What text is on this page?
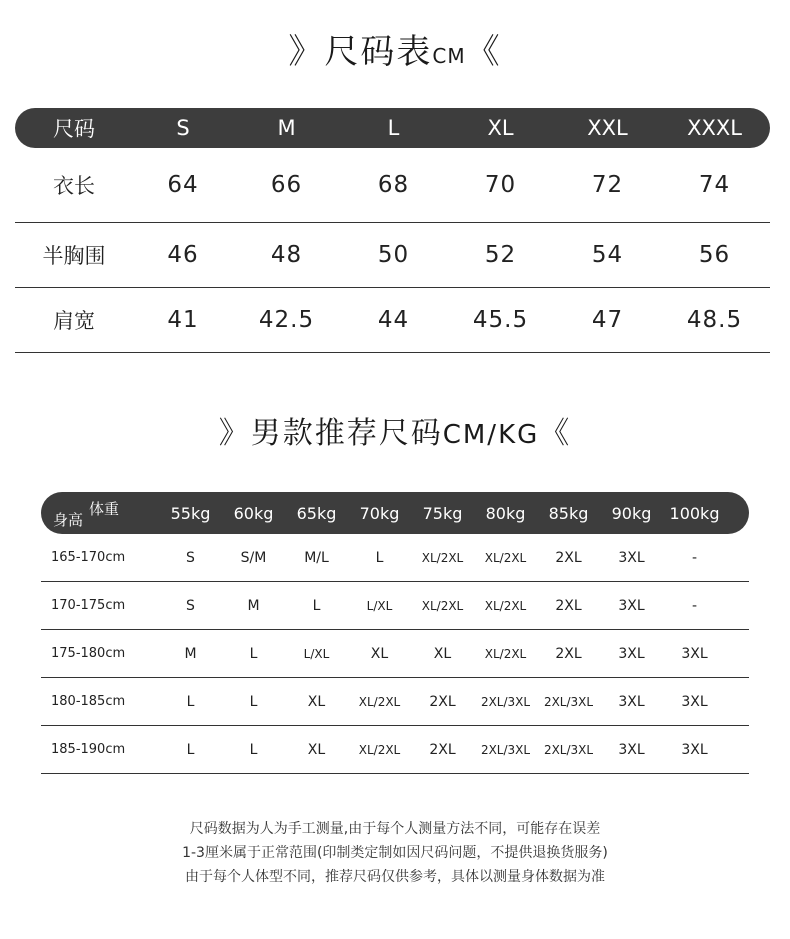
》尺码表CM《
尺码	S	M	L	XL	XXL	XXXL
衣长	64	66	68	70	72	74
半胸围	46	48	50	52	54	56
肩宽	41	42.5	44	45.5	47	48.5
》男款推荐尺码CM/KG《
身高
体重	55kg	60kg	65kg	70kg	75kg	80kg	85kg	90kg	100kg
165-170cm	S	S/M	M/L	L	XL/2XL	XL/2XL	2XL	3XL	-
170-175cm	S	M	L	L/XL	XL/2XL	XL/2XL	2XL	3XL	-
175-180cm	M	L	L/XL	XL	XL	XL/2XL	2XL	3XL	3XL
180-185cm	L	L	XL	XL/2XL	2XL	2XL/3XL	2XL/3XL	3XL	3XL
185-190cm	L	L	XL	XL/2XL	2XL	2XL/3XL	2XL/3XL	3XL	3XL
尺码数据为人为手工测量,由于每个人测量方法不同，可能存在误差
1-3厘米属于正常范围(印制类定制如因尺码问题，不提供退换货服务)
由于每个人体型不同，推荐尺码仅供参考，具体以测量身体数据为准
